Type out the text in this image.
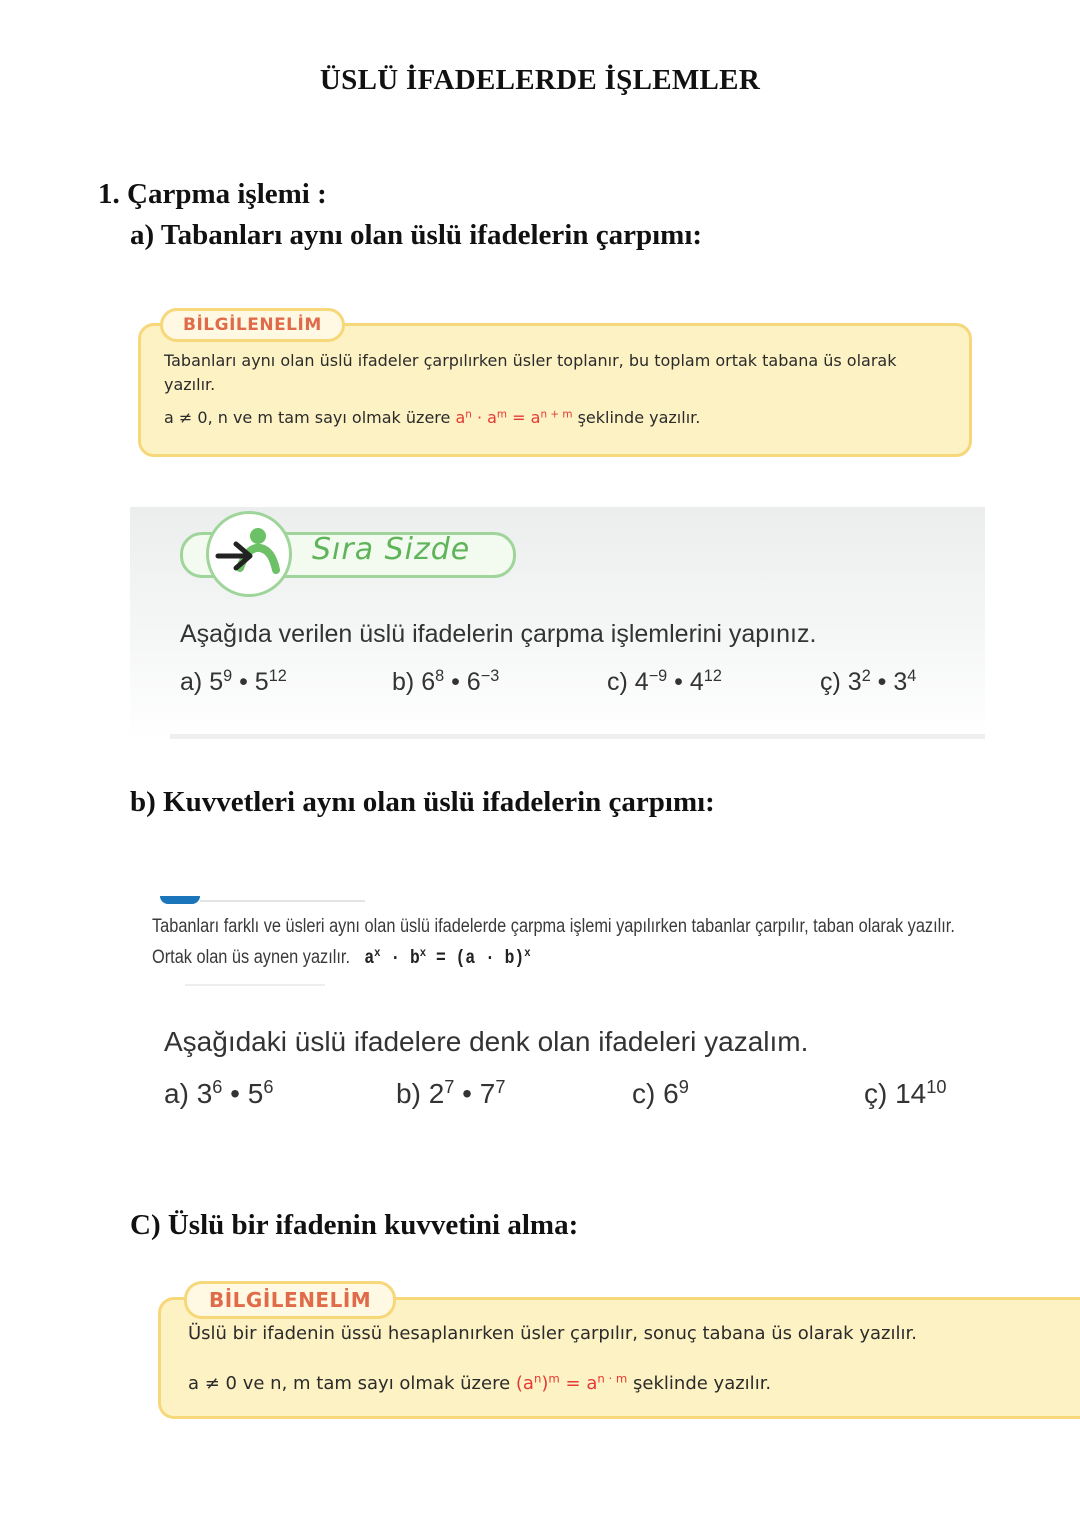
ÜSLÜ İFADELERDE İŞLEMLER
1. Çarpma işlemi :
a) Tabanları aynı olan üslü ifadelerin çarpımı:
BİLGİLENELİM
Tabanları aynı olan üslü ifadeler çarpılırken üsler toplanır, bu toplam ortak tabana üs olarak
yazılır.
a ≠ 0, n ve m tam sayı olmak üzere $a^n \cdot a^m = a^{n + m}$ şeklinde yazılır.
Sıra Sizde
Aşağıda verilen üslü ifadelerin çarpma işlemlerini yapınız.
a) $5^9$ • $5^{12}$	b) $6^8$ • $6^{-3}$	c) $4^{-9}$ • $4^{12}$	ç) $3^2$ • $3^4$
b) Kuvvetleri aynı olan üslü ifadelerin çarpımı:
Tabanları farklı ve üsleri aynı olan üslü ifadelerde çarpma işlemi yapılırken tabanlar çarpılır, taban olarak yazılır.
Ortak olan üs aynen yazılır.  $a^x \cdot b^x = (a \cdot b)^x$
Aşağıdaki üslü ifadelere denk olan ifadeleri yazalım.
a) $3^6$ • $5^6$	b) $2^7$ • $7^7$	c) $6^9$	ç) $14^{10}$
C) Üslü bir ifadenin kuvvetini alma:
BİLGİLENELİM
Üslü bir ifadenin üssü hesaplanırken üsler çarpılır, sonuç tabana üs olarak yazılır.
a ≠ 0 ve n, m tam sayı olmak üzere $(a^n)^m = a^{n \cdot m}$ şeklinde yazılır.
